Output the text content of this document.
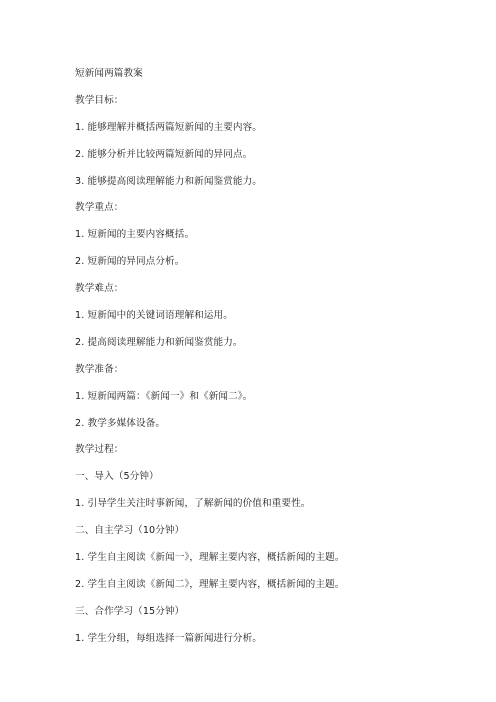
短新闻两篇教案
教学目标：
1. 能够理解并概括两篇短新闻的主要内容。
2. 能够分析并比较两篇短新闻的异同点。
3. 能够提高阅读理解能力和新闻鉴赏能力。
教学重点：
1. 短新闻的主要内容概括。
2. 短新闻的异同点分析。
教学难点：
1. 短新闻中的关键词语理解和运用。
2. 提高阅读理解能力和新闻鉴赏能力。
教学准备：
1. 短新闻两篇：《新闻一》和《新闻二》。
2. 教学多媒体设备。
教学过程：
一、导入（5分钟）
1. 引导学生关注时事新闻，了解新闻的价值和重要性。
二、自主学习（10分钟）
1. 学生自主阅读《新闻一》，理解主要内容，概括新闻的主题。
2. 学生自主阅读《新闻二》，理解主要内容，概括新闻的主题。
三、合作学习（15分钟）
1. 学生分组，每组选择一篇新闻进行分析。
